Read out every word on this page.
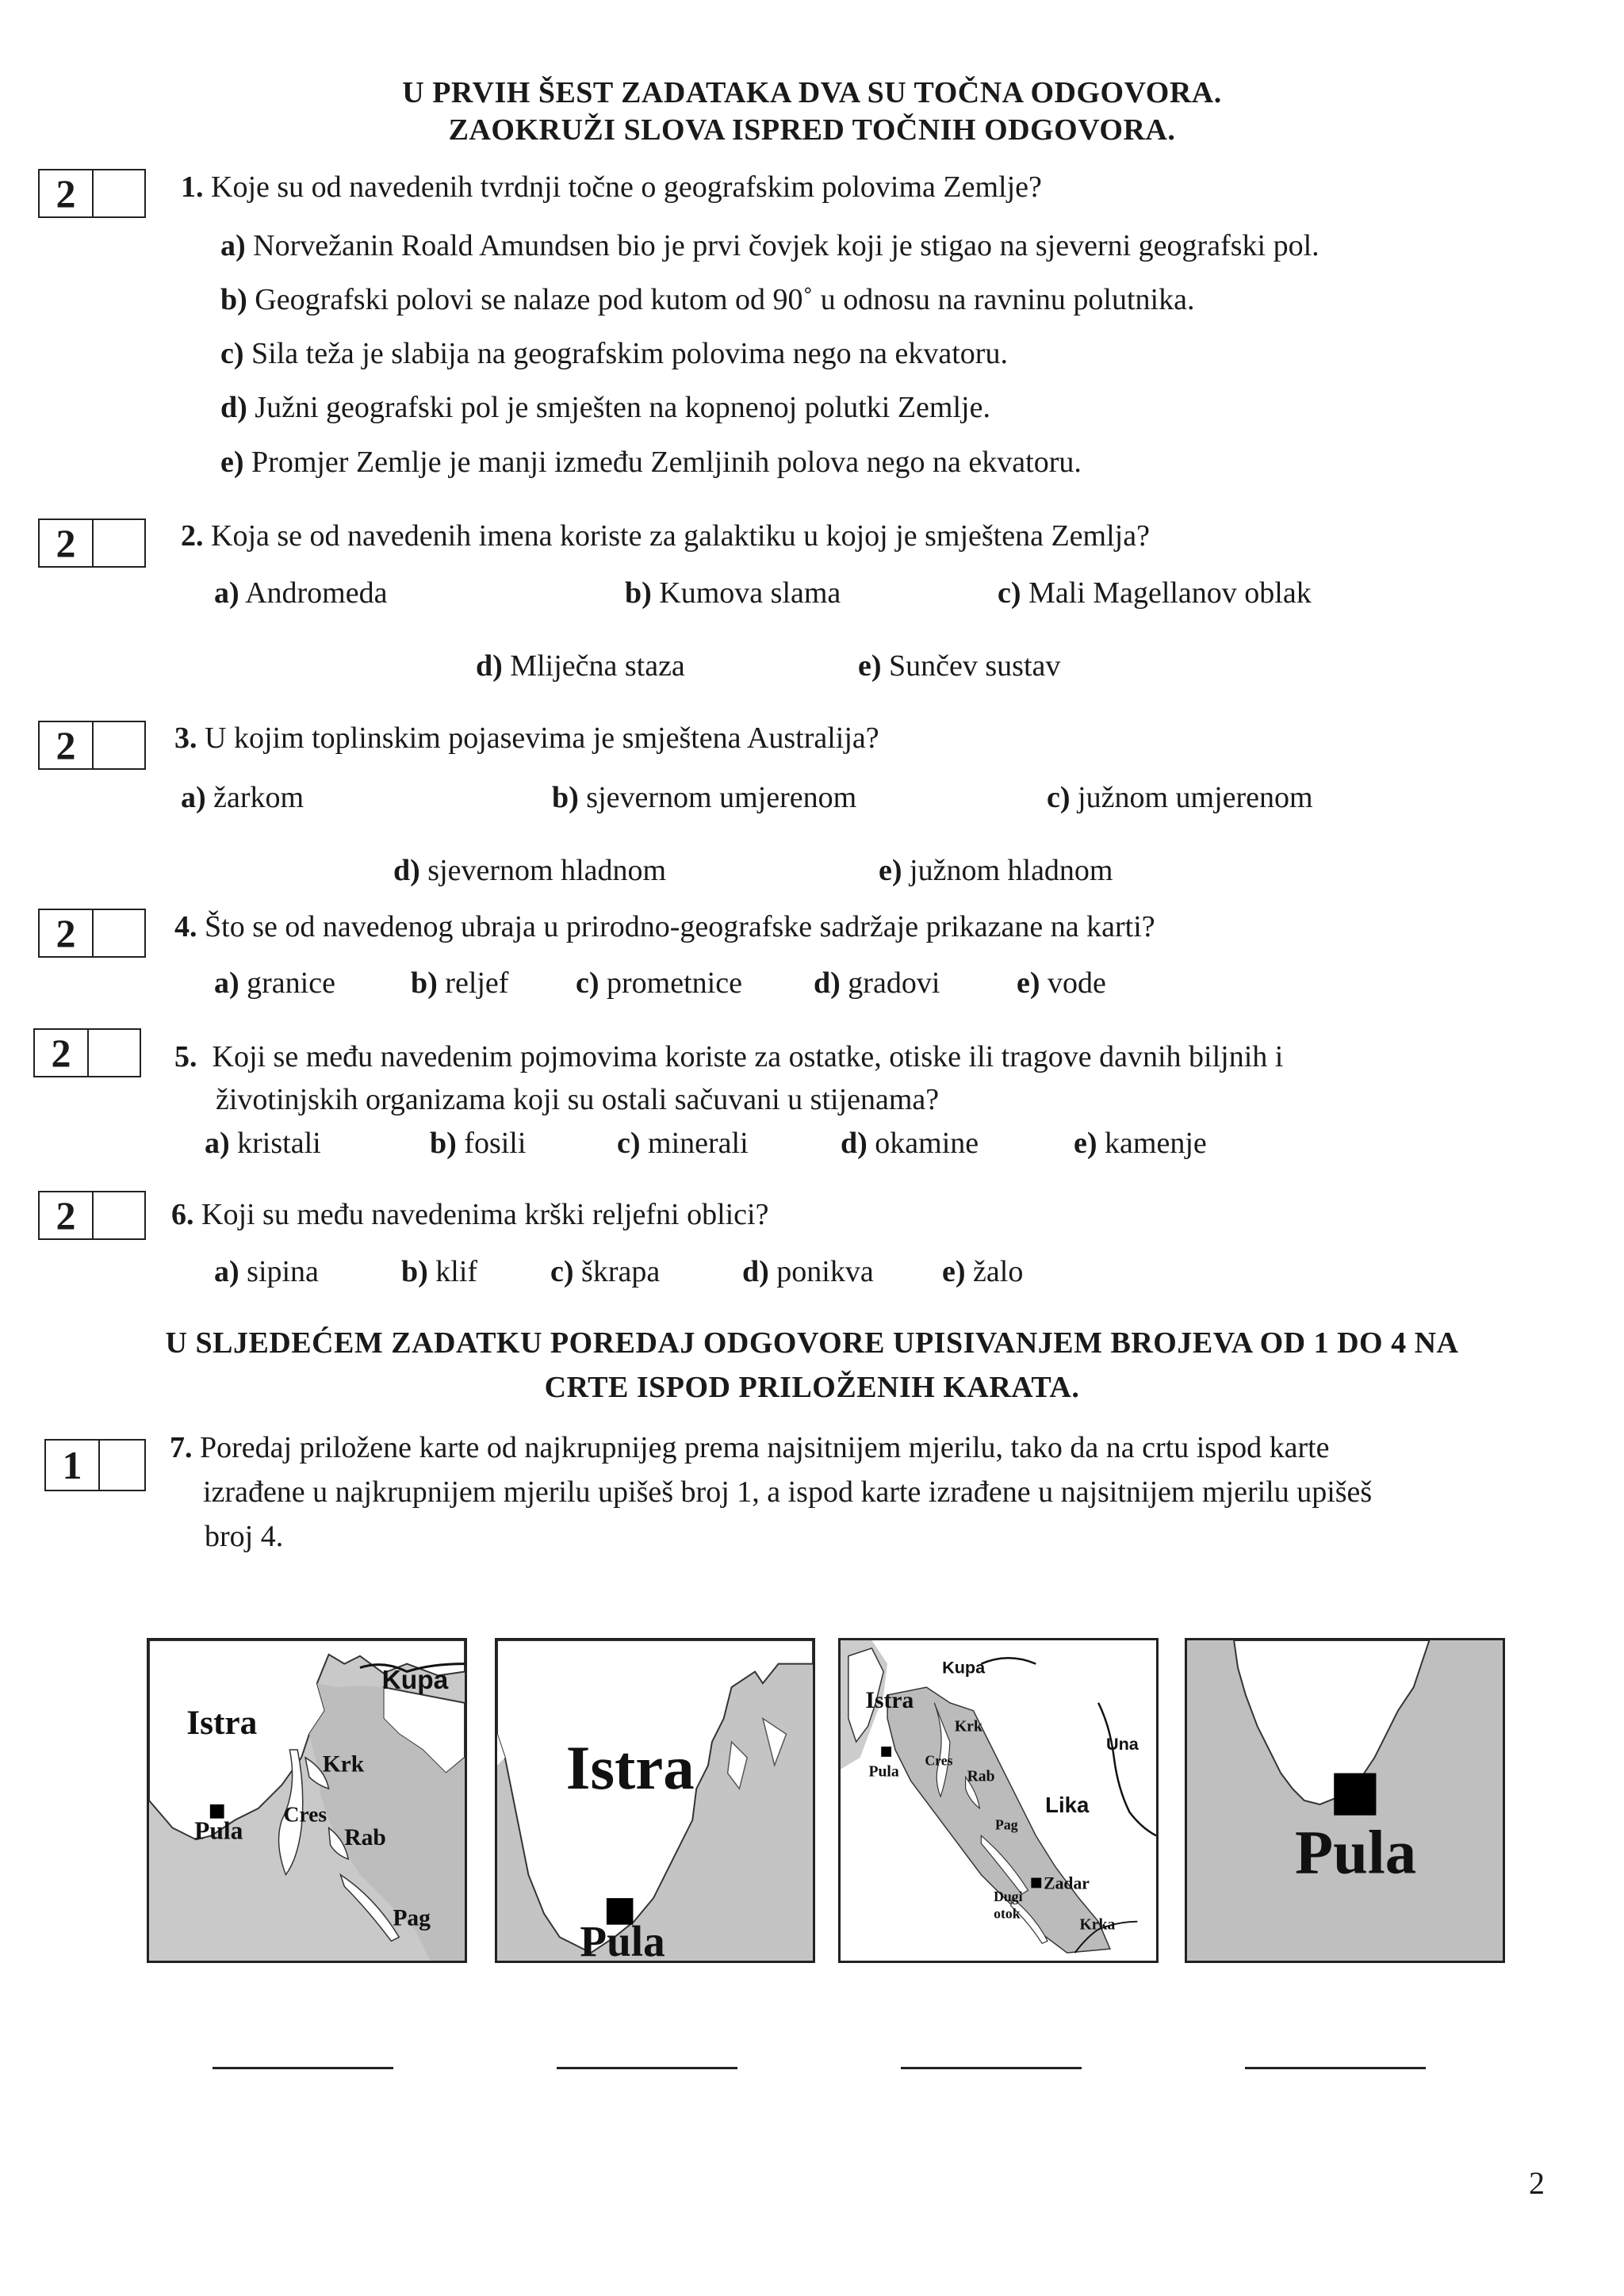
U PRVIH ŠEST ZADATAKA DVA SU TOČNA ODGOVORA.
ZAOKRUŽI SLOVA ISPRED TOČNIH ODGOVORA.
2	1. Koje su od navedenih tvrdnji točne o geografskim polovima Zemlje?
a) Norvežanin Roald Amundsen bio je prvi čovjek koji je stigao na sjeverni geografski pol.
b) Geografski polovi se nalaze pod kutom od 90˚ u odnosu na ravninu polutnika.
c) Sila teža je slabija na geografskim polovima nego na ekvatoru.
d) Južni geografski pol je smješten na kopnenoj polutki Zemlje.
e) Promjer Zemlje je manji između Zemljinih polova nego na ekvatoru.
2	2. Koja se od navedenih imena koriste za galaktiku u kojoj je smještena Zemlja?
a) Andromeda	b) Kumova slama	c) Mali Magellanov oblak
d) Mliječna staza	e) Sunčev sustav
2	3. U kojim toplinskim pojasevima je smještena Australija?
a) žarkom	b) sjevernom umjerenom	c) južnom umjerenom
d) sjevernom hladnom	e) južnom hladnom
2	4. Što se od navedenog ubraja u prirodno-geografske sadržaje prikazane na karti?
a) granice	b) reljef c) prometnice d) gradovi	e) vode
2	5. Koji se među navedenim pojmovima koriste za ostatke, otiske ili tragove davnih biljnih i
životinjskih organizama koji su ostali sačuvani u stijenama?
a) kristali	b) fosili	c) minerali	d) okamine	e) kamenje
2	6. Koji su među navedenima krški reljefni oblici?
a) sipina	b) klif c) škrapa	d) ponikva e) žalo
U SLJEDEĆEM ZADATKU POREDAJ ODGOVORE UPISIVANJEM BROJEVA OD 1 DO 4 NA
CRTE ISPOD PRILOŽENIH KARATA.
1	7. Poredaj priložene karte od najkrupnijeg prema najsitnijem mjerilu, tako da na crtu ispod karte
izrađene u najkrupnijem mjerilu upišeš broj 1, a ispod karte izrađene u najsitnijem mjerilu upišeš
broj 4.
Istra
Kupa
Krk
Cres
Rab
Pula
Pag
Istra
Pula
Kupa
Istra
Krk
Cres
Rab
Una
Pula
Lika
Pag
Zadar
Dugi
otok
Krka
Pula
2
